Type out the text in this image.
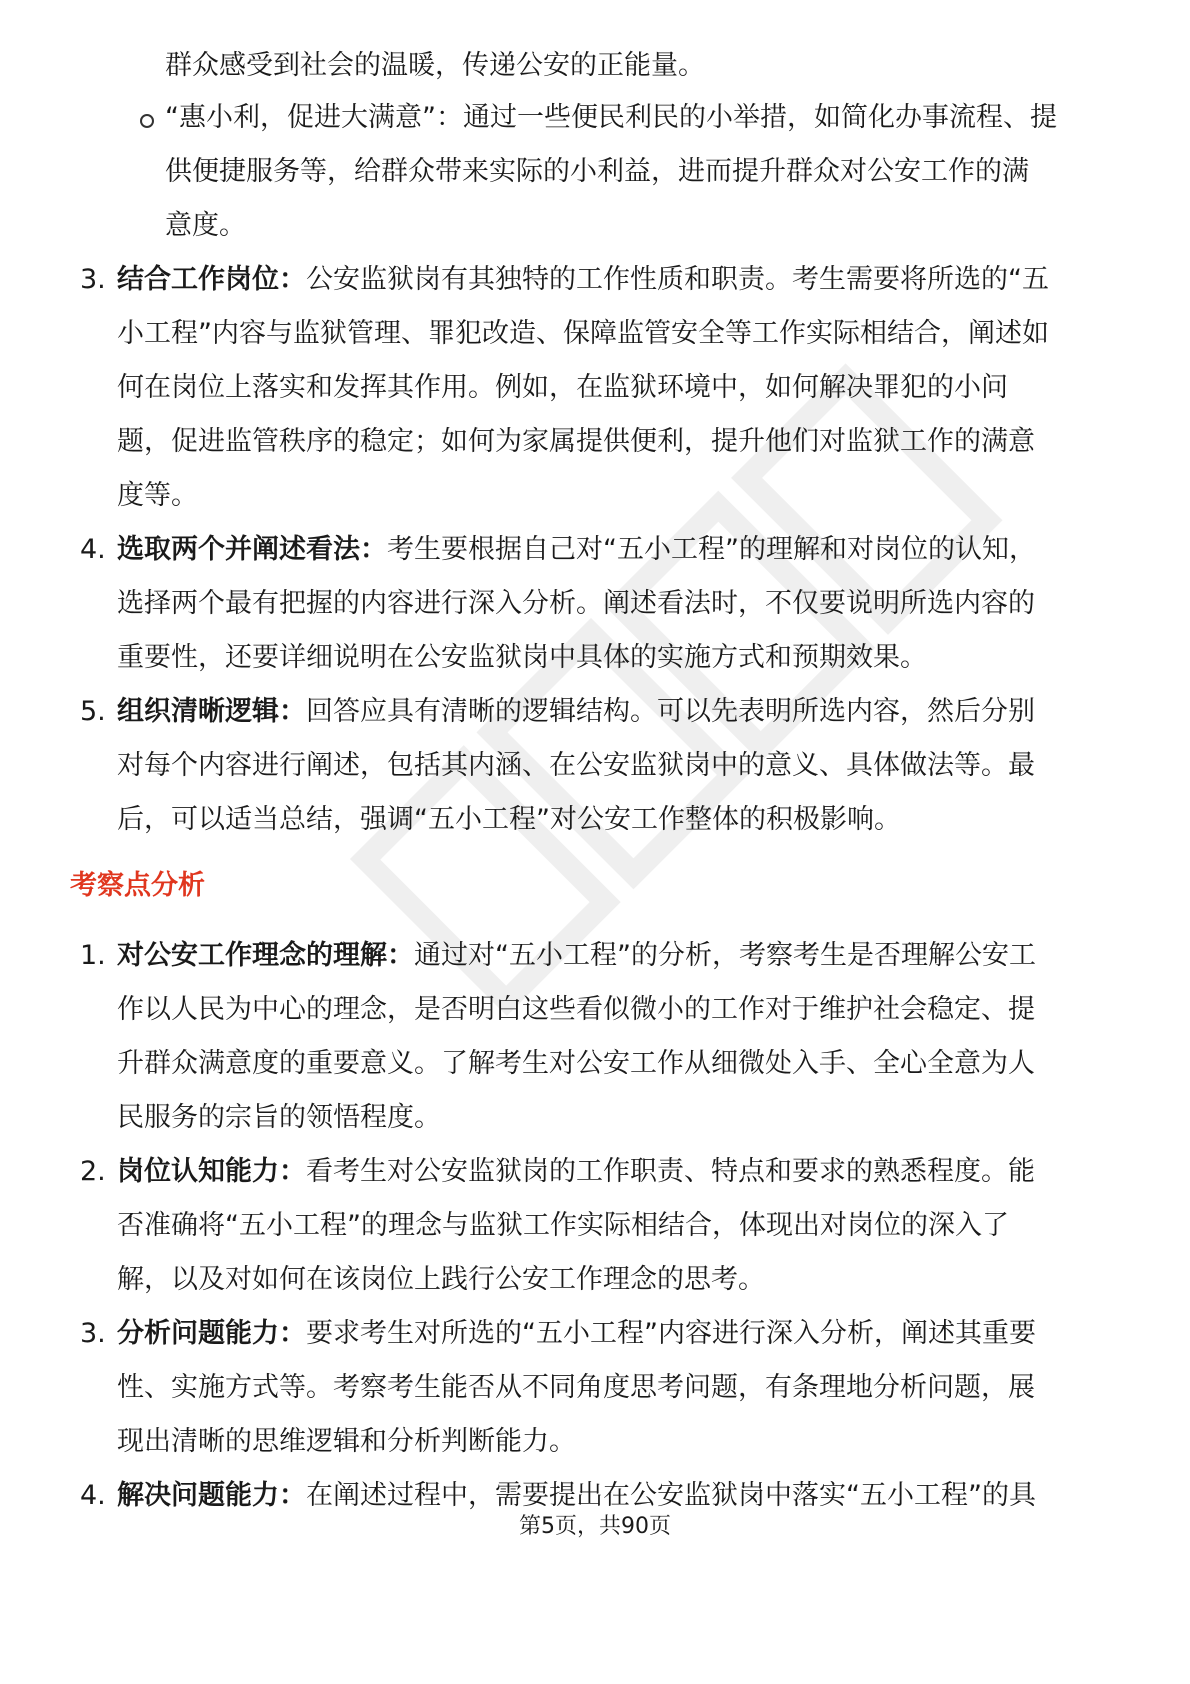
群众感受到社会的温暖，传递公安的正能量。
“惠小利，促进大满意”：通过一些便民利民的小举措，如简化办事流程、提
供便捷服务等，给群众带来实际的小利益，进而提升群众对公安工作的满
意度。
3. 结合工作岗位：公安监狱岗有其独特的工作性质和职责。考生需要将所选的“五
小工程”内容与监狱管理、罪犯改造、保障监管安全等工作实际相结合，阐述如
何在岗位上落实和发挥其作用。例如，在监狱环境中，如何解决罪犯的小问
题，促进监管秩序的稳定；如何为家属提供便利，提升他们对监狱工作的满意
度等。
4. 选取两个并阐述看法：考生要根据自己对“五小工程”的理解和对岗位的认知，
选择两个最有把握的内容进行深入分析。阐述看法时，不仅要说明所选内容的
重要性，还要详细说明在公安监狱岗中具体的实施方式和预期效果。
5. 组织清晰逻辑：回答应具有清晰的逻辑结构。可以先表明所选内容，然后分别
对每个内容进行阐述，包括其内涵、在公安监狱岗中的意义、具体做法等。最
后，可以适当总结，强调“五小工程”对公安工作整体的积极影响。
考察点分析
1. 对公安工作理念的理解：通过对“五小工程”的分析，考察考生是否理解公安工
作以人民为中心的理念，是否明白这些看似微小的工作对于维护社会稳定、提
升群众满意度的重要意义。了解考生对公安工作从细微处入手、全心全意为人
民服务的宗旨的领悟程度。
2. 岗位认知能力：看考生对公安监狱岗的工作职责、特点和要求的熟悉程度。能
否准确将“五小工程”的理念与监狱工作实际相结合，体现出对岗位的深入了
解，以及对如何在该岗位上践行公安工作理念的思考。
3. 分析问题能力：要求考生对所选的“五小工程”内容进行深入分析，阐述其重要
性、实施方式等。考察考生能否从不同角度思考问题，有条理地分析问题，展
现出清晰的思维逻辑和分析判断能力。
4. 解决问题能力：在阐述过程中，需要提出在公安监狱岗中落实“五小工程”的具
第5页，共90页
